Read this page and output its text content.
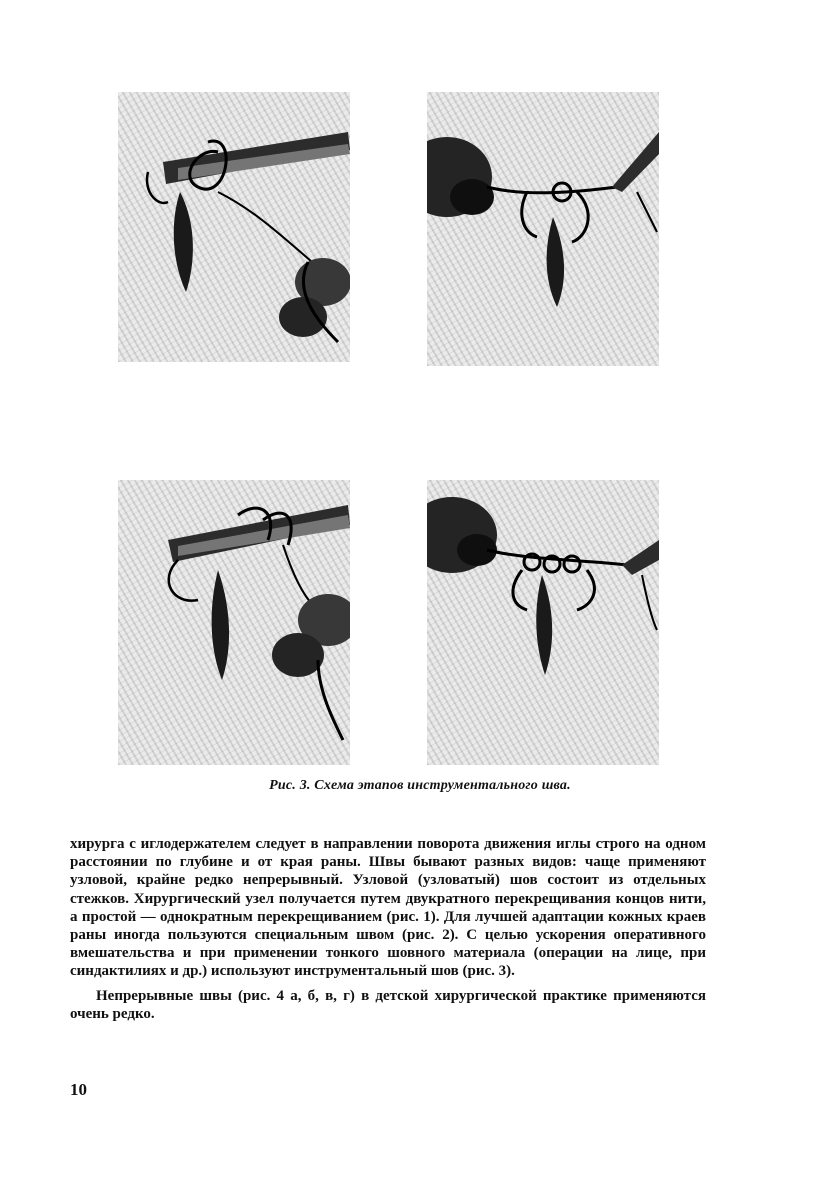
Рис. 3. Схема этапов инструментального шва.

хирурга с иглодержателем следует в направлении поворота движения иглы строго на одном расстоянии по глубине и от края раны. Швы бывают разных видов: чаще применяют узловой, крайне редко непрерывный. Узловой (узловатый) шов состоит из отдельных стежков. Хирургический узел получается путем двукратного перекрещивания концов нити, а простой — однократным перекрещиванием (рис. 1). Для лучшей адаптации кожных краев раны иногда пользуются специальным швом (рис. 2). С целью ускорения оперативного вмешательства и при применении тонкого шовного материала (операции на лице, при синдактилиях и др.) используют инструментальный шов (рис. 3).

Непрерывные швы (рис. 4 а, б, в, г) в детской хирургической практике применяются очень редко.

10
